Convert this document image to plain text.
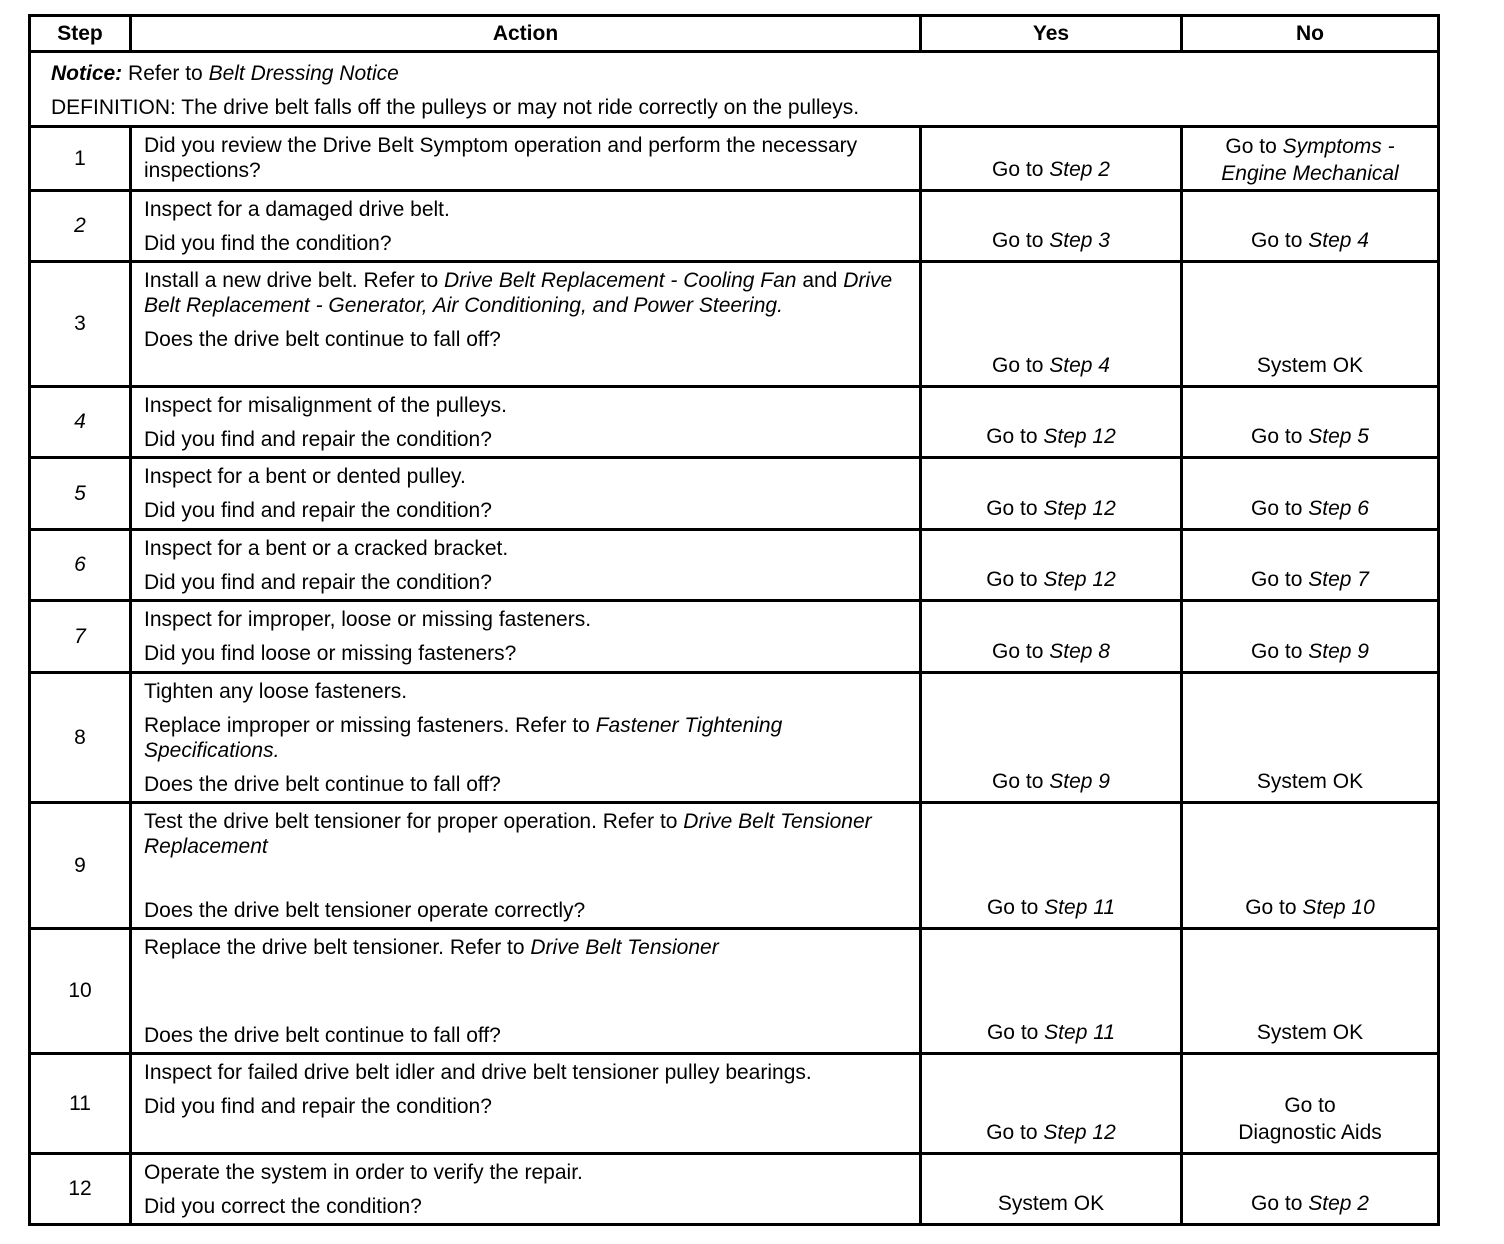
Step	Action	Yes	No

Notice: Refer to Belt Dressing Notice
DEFINITION: The drive belt falls off the pulleys or may not ride correctly on the pulleys.			

1	Did you review the Drive Belt Symptom operation and perform the necessary inspections?	Go to Step 2	Go to Symptoms - Engine Mechanical

2	Inspect for a damaged drive belt.
Did you find the condition?	Go to Step 3	Go to Step 4

3	Install a new drive belt. Refer to Drive Belt Replacement - Cooling Fan and Drive Belt Replacement - Generator, Air Conditioning, and Power Steering.
Does the drive belt continue to fall off?	Go to Step 4	System OK

4	Inspect for misalignment of the pulleys.
Did you find and repair the condition?	Go to Step 12	Go to Step 5

5	Inspect for a bent or dented pulley.
Did you find and repair the condition?	Go to Step 12	Go to Step 6

6	Inspect for a bent or a cracked bracket.
Did you find and repair the condition?	Go to Step 12	Go to Step 7

7	Inspect for improper, loose or missing fasteners.
Did you find loose or missing fasteners?	Go to Step 8	Go to Step 9

8	Tighten any loose fasteners.
Replace improper or missing fasteners. Refer to Fastener Tightening Specifications.
Does the drive belt continue to fall off?	Go to Step 9	System OK

9	Test the drive belt tensioner for proper operation. Refer to Drive Belt Tensioner Replacement
Does the drive belt tensioner operate correctly?	Go to Step 11	Go to Step 10

10	Replace the drive belt tensioner. Refer to Drive Belt Tensioner
Does the drive belt continue to fall off?	Go to Step 11	System OK

11	Inspect for failed drive belt idler and drive belt tensioner pulley bearings.
Did you find and repair the condition?	Go to Step 12	Go to Diagnostic Aids

12	Operate the system in order to verify the repair.
Did you correct the condition?	System OK	Go to Step 2
